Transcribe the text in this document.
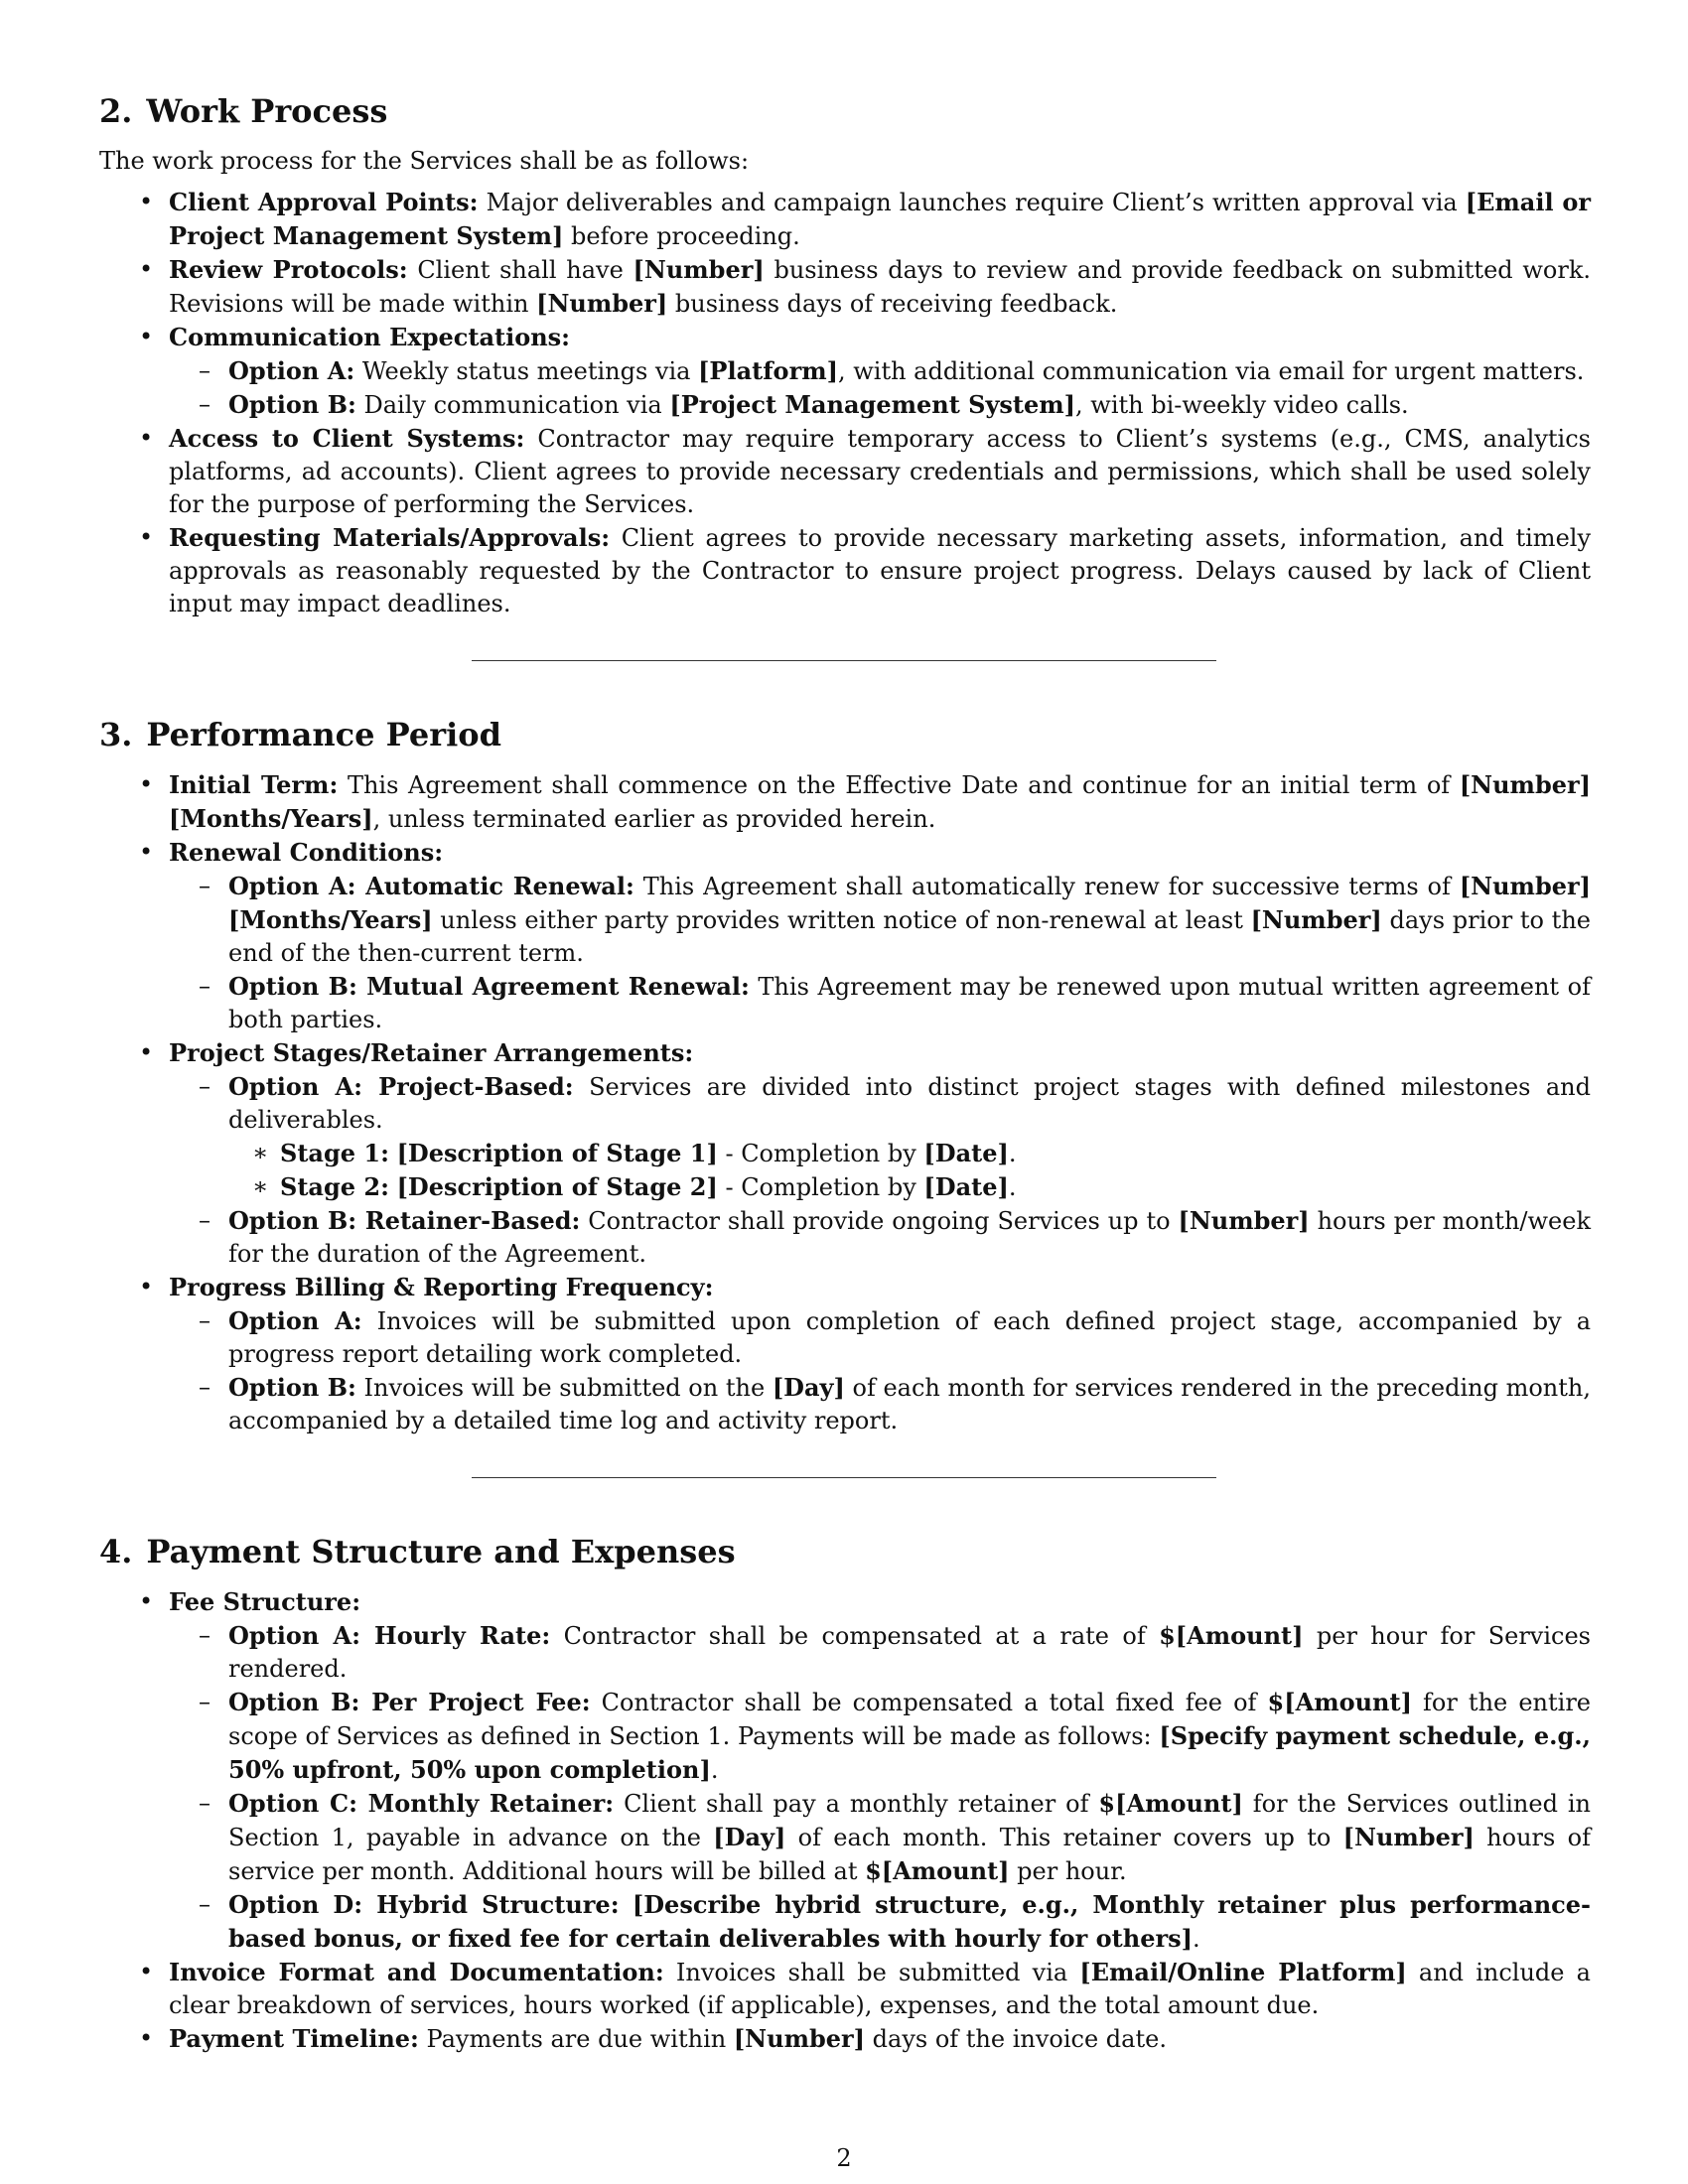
2. Work Process

The work process for the Services shall be as follows:

• Client Approval Points: Major deliverables and campaign launches require Client’s written approval via [Email or Project Management System] before proceeding.
• Review Protocols: Client shall have [Number] business days to review and provide feedback on submitted work. Revisions will be made within [Number] business days of receiving feedback.
• Communication Expectations:
– Option A: Weekly status meetings via [Platform], with additional communication via email for urgent matters.
– Option B: Daily communication via [Project Management System], with bi-weekly video calls.
• Access to Client Systems: Contractor may require temporary access to Client’s systems (e.g., CMS, analytics platforms, ad accounts). Client agrees to provide necessary credentials and permissions, which shall be used solely for the purpose of performing the Services.
• Requesting Materials/Approvals: Client agrees to provide necessary marketing assets, information, and timely approvals as reasonably requested by the Contractor to ensure project progress. Delays caused by lack of Client input may impact deadlines.
3. Performance Period
• Initial Term: This Agreement shall commence on the Effective Date and continue for an initial term of [Number] [Months/Years], unless terminated earlier as provided herein.
• Renewal Conditions:
– Option A: Automatic Renewal: This Agreement shall automatically renew for successive terms of [Number] [Months/Years] unless either party provides written notice of non-renewal at least [Number] days prior to the end of the then-current term.
– Option B: Mutual Agreement Renewal: This Agreement may be renewed upon mutual written agreement of both parties.
• Project Stages/Retainer Arrangements:
– Option A: Project-Based: Services are divided into distinct project stages with defined milestones and deliverables.
∗ Stage 1: [Description of Stage 1] - Completion by [Date].
∗ Stage 2: [Description of Stage 2] - Completion by [Date].
– Option B: Retainer-Based: Contractor shall provide ongoing Services up to [Number] hours per month/week for the duration of the Agreement.
• Progress Billing & Reporting Frequency:
– Option A: Invoices will be submitted upon completion of each defined project stage, accompanied by a progress report detailing work completed.
– Option B: Invoices will be submitted on the [Day] of each month for services rendered in the preceding month, accompanied by a detailed time log and activity report.
4. Payment Structure and Expenses
• Fee Structure:
– Option A: Hourly Rate: Contractor shall be compensated at a rate of $[Amount] per hour for Services rendered.
– Option B: Per Project Fee: Contractor shall be compensated a total fixed fee of $[Amount] for the entire scope of Services as defined in Section 1. Payments will be made as follows: [Specify payment schedule, e.g., 50% upfront, 50% upon completion].
– Option C: Monthly Retainer: Client shall pay a monthly retainer of $[Amount] for the Services outlined in Section 1, payable in advance on the [Day] of each month. This retainer covers up to [Number] hours of service per month. Additional hours will be billed at $[Amount] per hour.
– Option D: Hybrid Structure: [Describe hybrid structure, e.g., Monthly retainer plus performance-based bonus, or fixed fee for certain deliverables with hourly for others].
• Invoice Format and Documentation: Invoices shall be submitted via [Email/Online Platform] and include a clear breakdown of services, hours worked (if applicable), expenses, and the total amount due.
• Payment Timeline: Payments are due within [Number] days of the invoice date.
2
